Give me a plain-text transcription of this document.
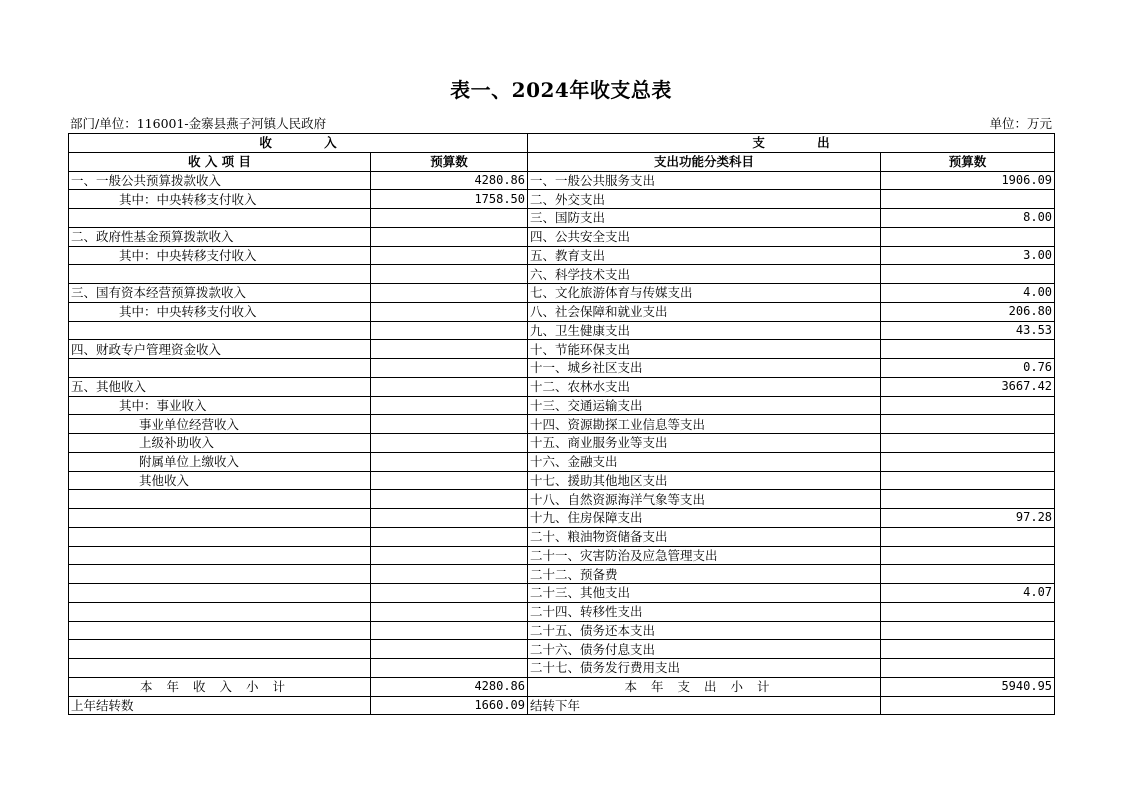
表一、2024年收支总表
部门/单位：116001-金寨县燕子河镇人民政府	单位：万元
收            入		支            出	
收 入 项 目	预算数	支出功能分类科目	预算数
一、一般公共预算拨款收入	4280.86	一、一般公共服务支出	1906.09
其中：中央转移支付收入	1758.50	二、外交支出	
		三、国防支出	8.00
二、政府性基金预算拨款收入		四、公共安全支出	
其中：中央转移支付收入		五、教育支出	3.00
		六、科学技术支出	
三、国有资本经营预算拨款收入		七、文化旅游体育与传媒支出	4.00
其中：中央转移支付收入		八、社会保障和就业支出	206.80
		九、卫生健康支出	43.53
四、财政专户管理资金收入		十、节能环保支出	
		十一、城乡社区支出	0.76
五、其他收入		十二、农林水支出	3667.42
其中：事业收入		十三、交通运输支出	
事业单位经营收入		十四、资源勘探工业信息等支出	
上级补助收入		十五、商业服务业等支出	
附属单位上缴收入		十六、金融支出	
其他收入		十七、援助其他地区支出	
		十八、自然资源海洋气象等支出	
		十九、住房保障支出	97.28
		二十、粮油物资储备支出	
		二十一、灾害防治及应急管理支出	
		二十二、预备费	
		二十三、其他支出	4.07
		二十四、转移性支出	
		二十五、债务还本支出	
		二十六、债务付息支出	
		二十七、债务发行费用支出	
本年收入小计	4280.86	本年支出小计	5940.95
上年结转数	1660.09	结转下年	
